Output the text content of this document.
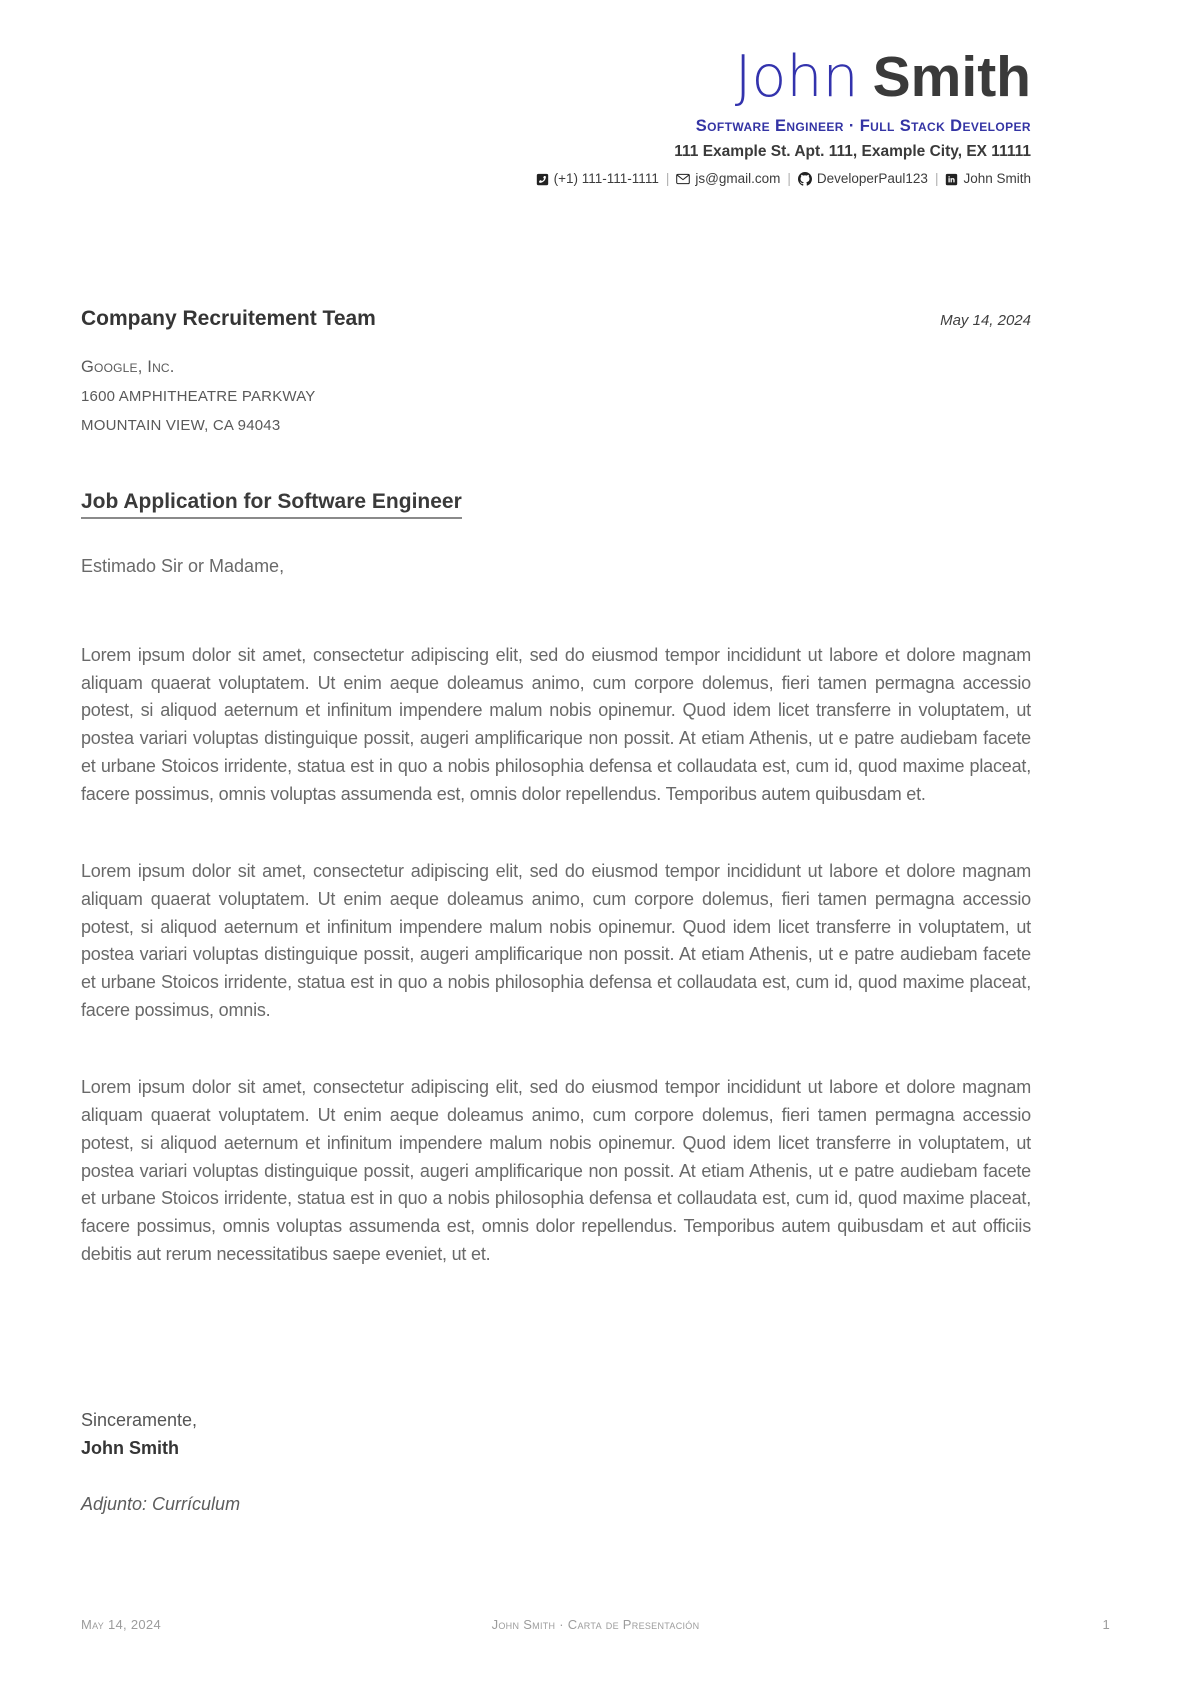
John Smith
Software Engineer · Full Stack Developer
111 Example St. Apt. 111, Example City, EX 11111
(+1) 111-111-1111 | js@gmail.com | DeveloperPaul123 | John Smith
Company Recruitement Team	May 14, 2024
Google, Inc.
1600 AMPHITHEATRE PARKWAY
MOUNTAIN VIEW, CA 94043
Job Application for Software Engineer
Estimado Sir or Madame,

Lorem ipsum dolor sit amet, consectetur adipiscing elit, sed do eiusmod tempor incididunt ut labore et dolore magnam aliquam quaerat voluptatem. Ut enim aeque doleamus animo, cum corpore dolemus, fieri tamen permagna accessio potest, si aliquod aeternum et infinitum impendere malum nobis opinemur. Quod idem licet transferre in voluptatem, ut postea variari voluptas distinguique possit, augeri amplificarique non possit. At etiam Athenis, ut e patre audiebam facete et urbane Stoicos irridente, statua est in quo a nobis philosophia defensa et collaudata est, cum id, quod maxime placeat, facere possimus, omnis voluptas assumenda est, omnis dolor repellendus. Temporibus autem quibusdam et.

Lorem ipsum dolor sit amet, consectetur adipiscing elit, sed do eiusmod tempor incididunt ut labore et dolore magnam aliquam quaerat voluptatem. Ut enim aeque doleamus animo, cum corpore dolemus, fieri tamen permagna accessio potest, si aliquod aeternum et infinitum impendere malum nobis opinemur. Quod idem licet transferre in voluptatem, ut postea variari voluptas distinguique possit, augeri amplificarique non possit. At etiam Athenis, ut e patre audiebam facete et urbane Stoicos irridente, statua est in quo a nobis philosophia defensa et collaudata est, cum id, quod maxime placeat, facere possimus, omnis.

Lorem ipsum dolor sit amet, consectetur adipiscing elit, sed do eiusmod tempor incididunt ut labore et dolore magnam aliquam quaerat voluptatem. Ut enim aeque doleamus animo, cum corpore dolemus, fieri tamen permagna accessio potest, si aliquod aeternum et infinitum impendere malum nobis opinemur. Quod idem licet transferre in voluptatem, ut postea variari voluptas distinguique possit, augeri amplificarique non possit. At etiam Athenis, ut e patre audiebam facete et urbane Stoicos irridente, statua est in quo a nobis philosophia defensa et collaudata est, cum id, quod maxime placeat, facere possimus, omnis voluptas assumenda est, omnis dolor repellendus. Temporibus autem quibusdam et aut officiis debitis aut rerum necessitatibus saepe eveniet, ut et.

Sinceramente,
John Smith
Adjunto: Currículum
May 14, 2024	John Smith · Carta de Presentación	1
